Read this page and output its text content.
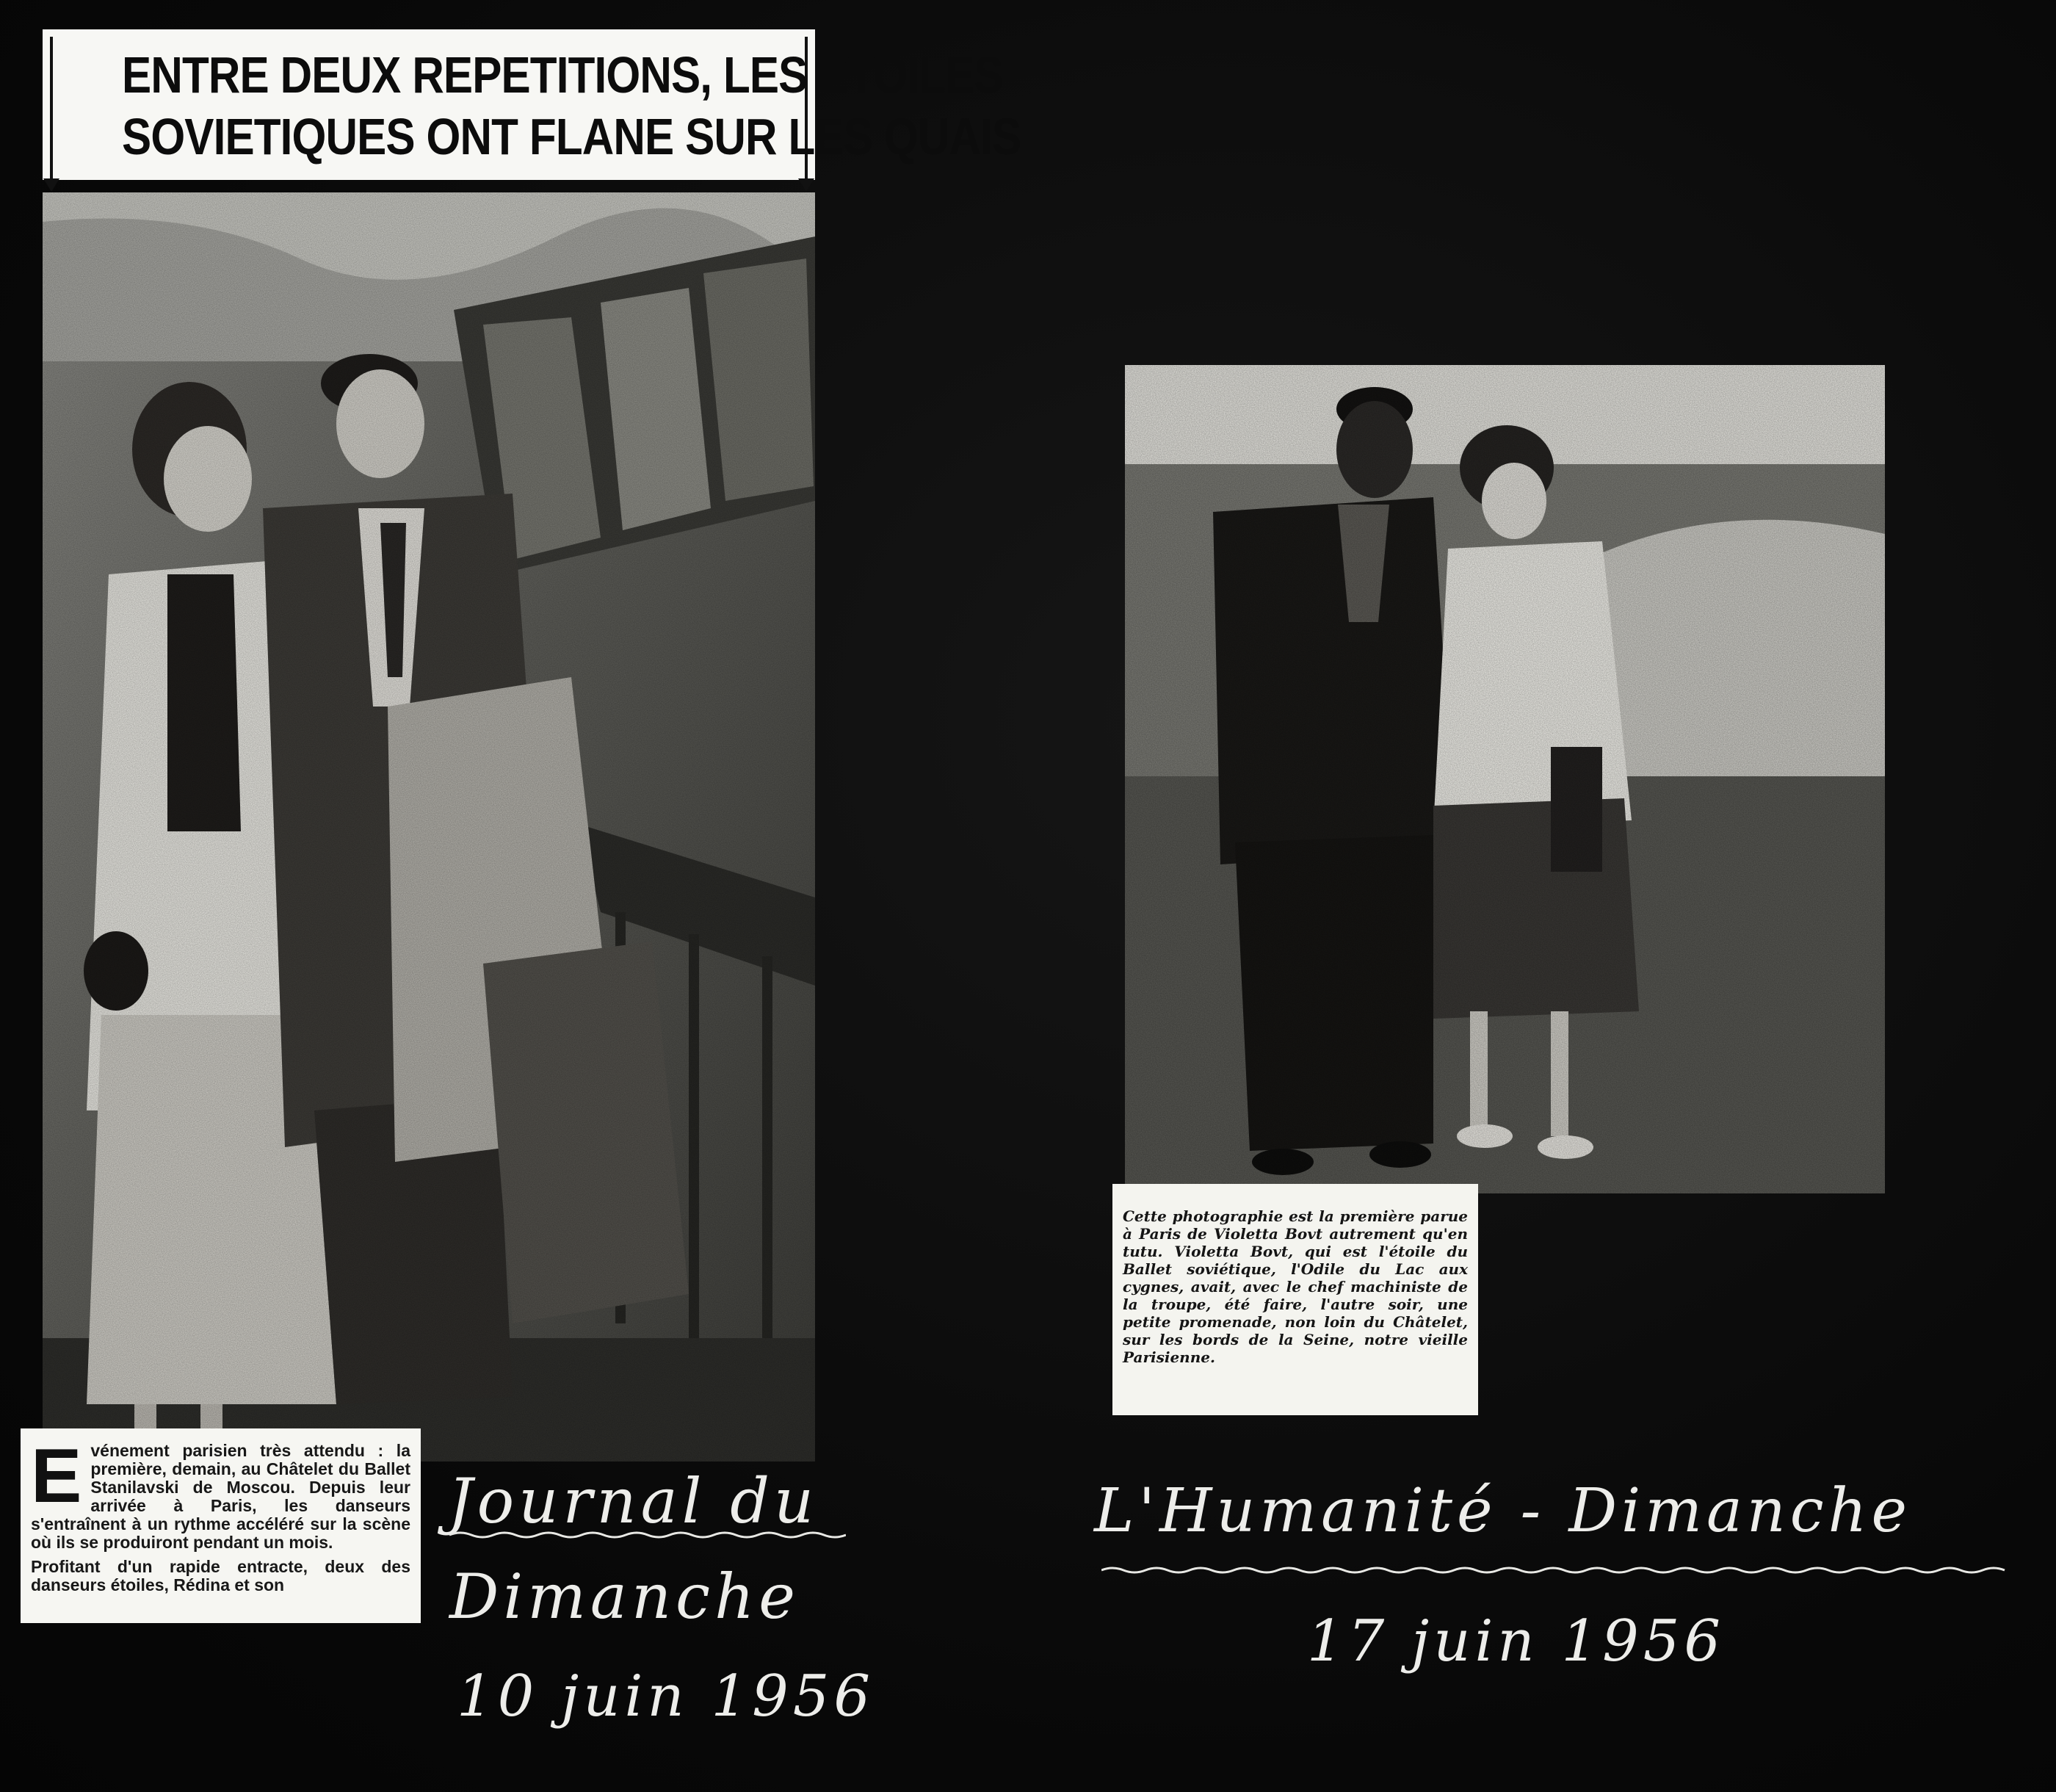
ENTRE DEUX REPETITIONS, LES ETOILES
SOVIETIQUES ONT FLANE SUR LES QUAIS
E vénement parisien très attendu : la première, demain, au Châtelet du Ballet Stanilavski de Moscou. Depuis leur arrivée à Paris, les danseurs s'entraînent à un rythme accéléré sur la scène où ils se produiront pendant un mois.

Profitant d'un rapide entracte, deux des danseurs étoiles, Rédina et son

Cette photographie est la première parue à Paris de Violetta Bovt autrement qu'en tutu. Violetta Bovt, qui est l'étoile du Ballet soviétique, l'Odile du Lac aux cygnes, avait, avec le chef machiniste de la troupe, été faire, l'autre soir, une petite promenade, non loin du Châtelet, sur les bords de la Seine, notre vieille Parisienne.

Journal du
Dimanche
10 juin 1956
L'Humanité - Dimanche
17 juin 1956
